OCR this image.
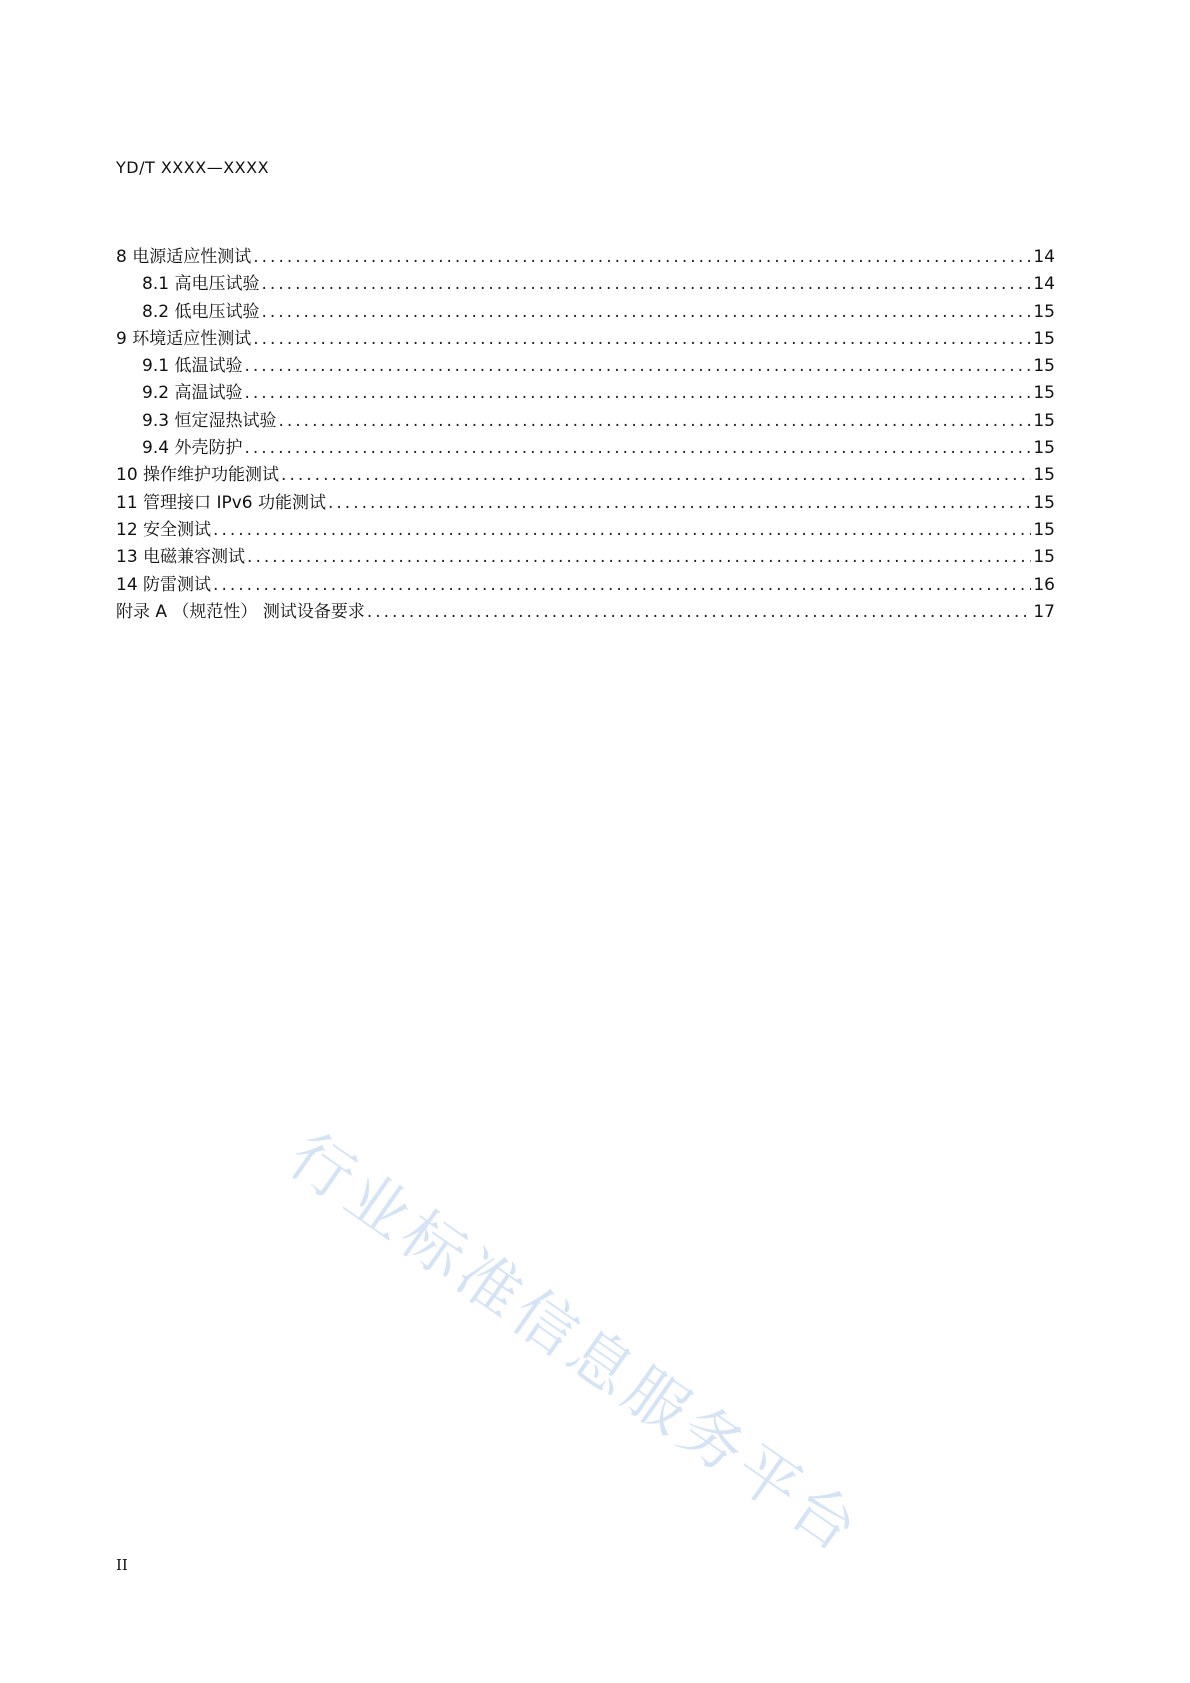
YD/T XXXX—XXXX
8 电源适应性测试 .....	14
8.1 高电压试验 .....	14
8.2 低电压试验 .....	15
9 环境适应性测试 .....	15
9.1 低温试验 .....	15
9.2 高温试验 .....	15
9.3 恒定湿热试验 .....	15
9.4 外壳防护 .....	15
10 操作维护功能测试 .....	15
11 管理接口 IPv6 功能测试 .....	15
12 安全测试 .....	15
13 电磁兼容测试 .....	15
14 防雷测试 .....	16
附录 A （规范性） 测试设备要求 .....	17
行业标准信息服务平台
II
